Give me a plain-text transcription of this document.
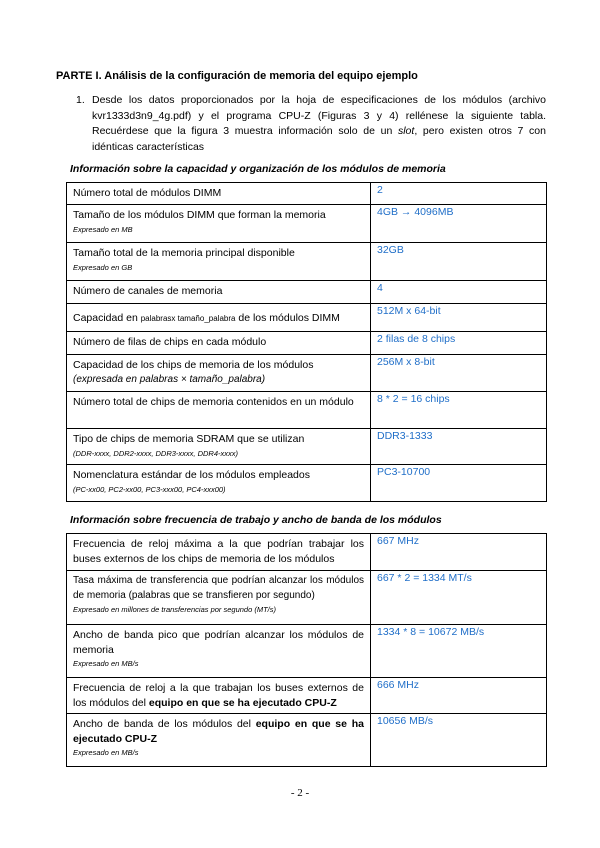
PARTE I. Análisis de la configuración de memoria del equipo ejemplo
1. Desde los datos proporcionados por la hoja de especificaciones de los módulos (archivo kvr1333d3n9_4g.pdf) y el programa CPU-Z (Figuras 3 y 4) rellénese la siguiente tabla. Recuérdese que la figura 3 muestra información solo de un slot, pero existen otros 7 con idénticas características
Información sobre la capacidad y organización de los módulos de memoria
Número total de módulos DIMM	2

Tamaño de los módulos DIMM que forman la memoria
Expresado en MB	4GB → 4096MB

Tamaño total de la memoria principal disponible
Expresado en GB	32GB

Número de canales de memoria	4

Capacidad en palabrasx tamaño_palabra de los módulos DIMM	512M x 64-bit

Número de filas de chips en cada módulo	2 filas de 8 chips

Capacidad de los chips de memoria de los módulos
(expresada en palabras × tamaño_palabra)	256M x 8-bit

Número total de chips de memoria contenidos en un módulo	8 * 2 = 16 chips

Tipo de chips de memoria SDRAM que se utilizan
(DDR-xxxx, DDR2-xxxx, DDR3-xxxx, DDR4-xxxx)	DDR3-1333

Nomenclatura estándar de los módulos empleados
(PC-xx00, PC2-xx00, PC3-xxx00, PC4-xxx00)	PC3-10700
Información sobre frecuencia de trabajo y ancho de banda de los módulos
Frecuencia de reloj máxima a la que podrían trabajar los buses externos de los chips de memoria de los módulos	667 MHz

Tasa máxima de transferencia que podrían alcanzar los módulos de memoria (palabras que se transfieren por segundo)
Expresado en millones de transferencias por segundo (MT/s)	667 * 2 = 1334 MT/s

Ancho de banda pico que podrían alcanzar los módulos de memoria
Expresado en MB/s	1334 * 8 = 10672 MB/s

Frecuencia de reloj a la que trabajan los buses externos de los módulos del equipo en que se ha ejecutado CPU-Z	666 MHz

Ancho de banda de los módulos del equipo en que se ha ejecutado CPU-Z
Expresado en MB/s	10656 MB/s
- 2 -
